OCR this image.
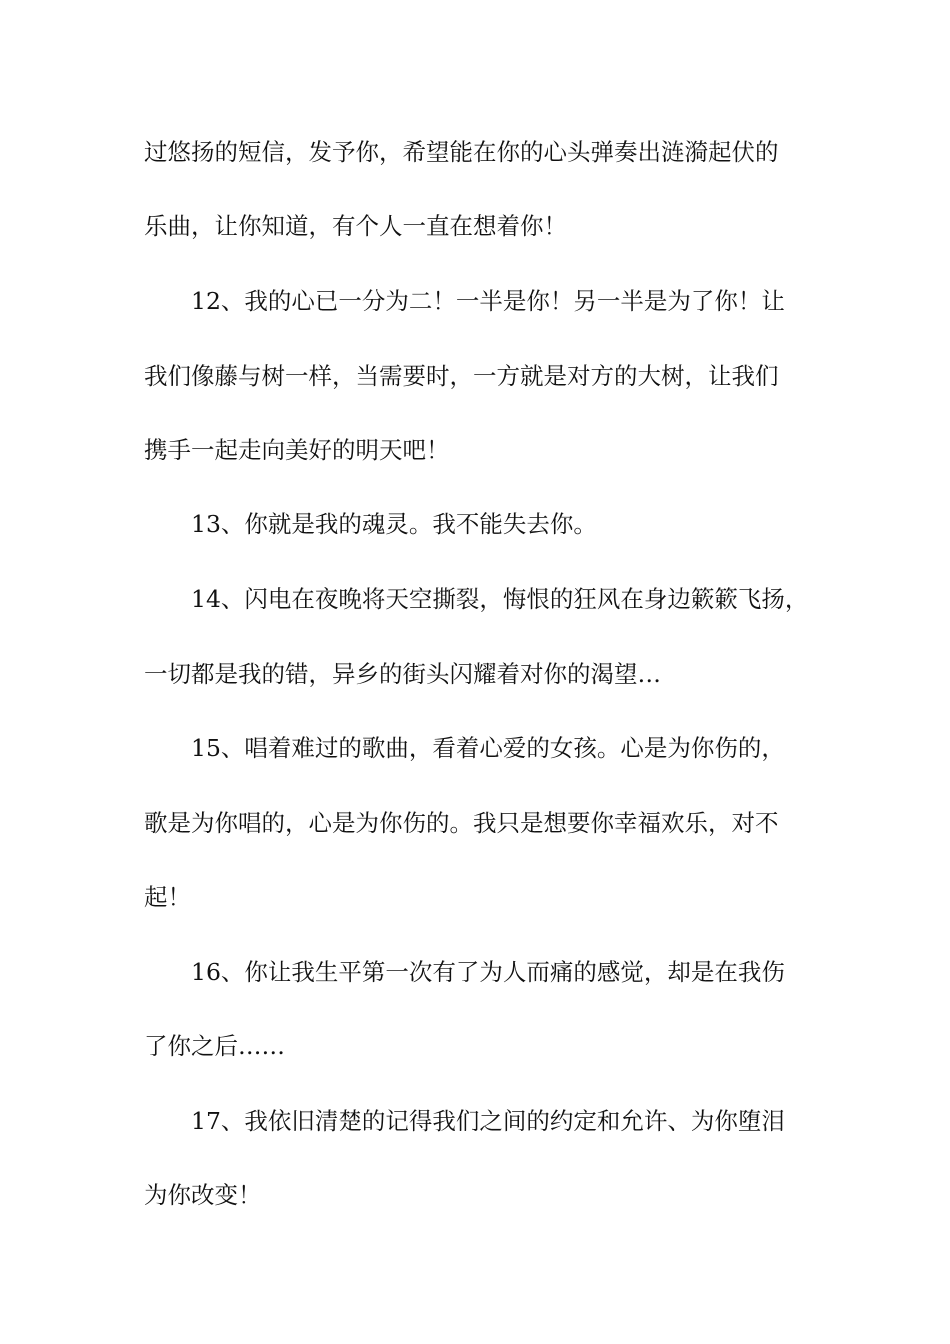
过悠扬的短信，发予你，希望能在你的心头弹奏出涟漪起伏的
乐曲，让你知道，有个人一直在想着你！
12、我的心已一分为二！一半是你！另一半是为了你！让
我们像藤与树一样，当需要时，一方就是对方的大树，让我们
携手一起走向美好的明天吧！
13、你就是我的魂灵。我不能失去你。
14、闪电在夜晚将天空撕裂，悔恨的狂风在身边簌簌飞扬，
一切都是我的错，异乡的街头闪耀着对你的渴望…
15、唱着难过的歌曲，看着心爱的女孩。心是为你伤的，
歌是为你唱的，心是为你伤的。我只是想要你幸福欢乐，对不
起！
16、你让我生平第一次有了为人而痛的感觉，却是在我伤
了你之后……
17、我依旧清楚的记得我们之间的约定和允许、为你堕泪
为你改变！
